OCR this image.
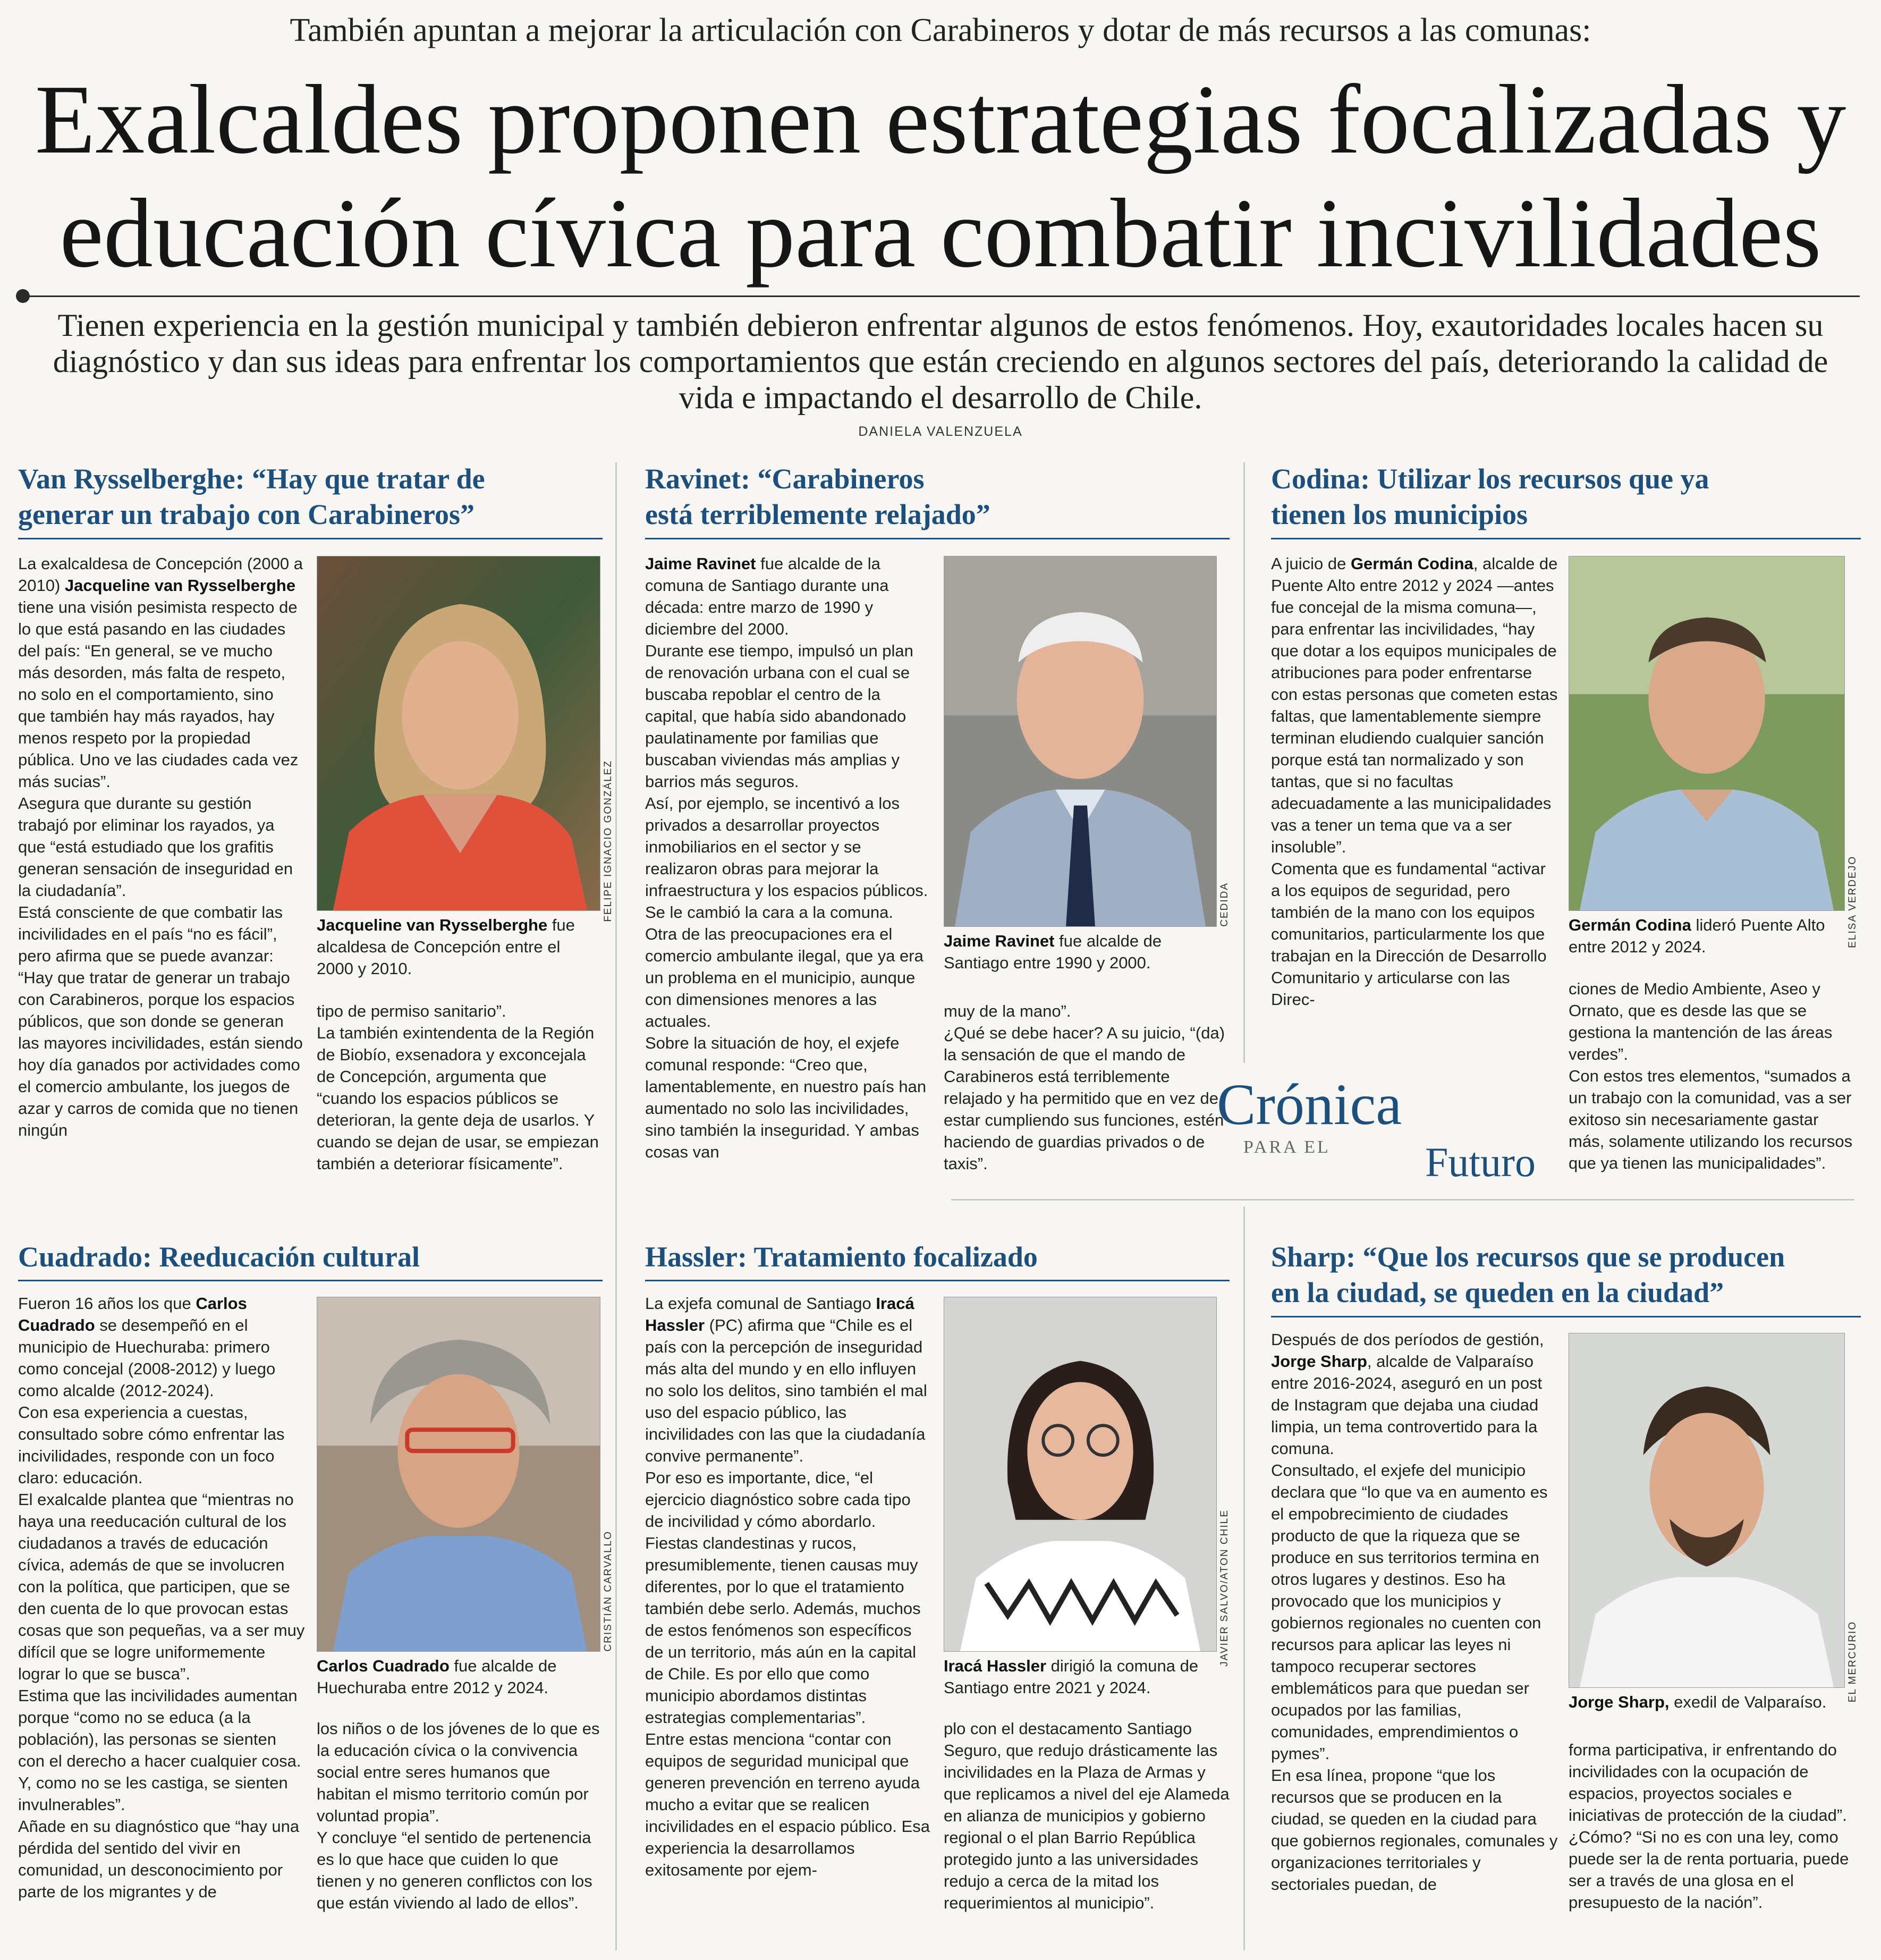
También apuntan a mejorar la articulación con Carabineros y dotar de más recursos a las comunas:
Exalcaldes proponen estrategias focalizadas y
educación cívica para combatir incivilidades
Tienen experiencia en la gestión municipal y también debieron enfrentar algunos de estos fenómenos. Hoy, exautoridades locales hacen su diagnóstico y dan sus ideas para enfrentar los comportamientos que están creciendo en algunos sectores del país, deteriorando la calidad de vida e impactando el desarrollo de Chile.
DANIELA VALENZUELA
Van Rysselberghe: “Hay que tratar de
generar un trabajo con Carabineros”

La exalcaldesa de Concepción (2000 a 2010) Jacqueline van Rysselberghe tiene una visión pesimista respecto de lo que está pasando en las ciudades del país: “En general, se ve mucho más desorden, más falta de respeto, no solo en el comportamiento, sino que también hay más rayados, hay menos respeto por la propiedad pública. Uno ve las ciudades cada vez más sucias”.

Asegura que durante su gestión trabajó por eliminar los rayados, ya que “está estudiado que los grafitis generan sensación de inseguridad en la ciudadanía”.

Está consciente de que combatir las incivilidades en el país “no es fácil”, pero afirma que se puede avanzar: “Hay que tratar de generar un trabajo con Carabineros, porque los espacios públicos, que son donde se generan las mayores incivilidades, están siendo hoy día ganados por actividades como el comercio ambulante, los juegos de azar y carros de comida que no tienen ningún

FELIPE IGNACIO GONZÁLEZ
Jacqueline van Rysselberghe fue alcaldesa de Concepción entre el 2000 y 2010.

tipo de permiso sanitario”.

La también exintendenta de la Región de Biobío, exsenadora y exconcejala de Concepción, argumenta que “cuando los espacios públicos se deterioran, la gente deja de usarlos. Y cuando se dejan de usar, se empiezan también a deteriorar físicamente”.

Ravinet: “Carabineros
está terriblemente relajado”

Jaime Ravinet fue alcalde de la comuna de Santiago durante una década: entre marzo de 1990 y diciembre del 2000.

Durante ese tiempo, impulsó un plan de renovación urbana con el cual se buscaba repoblar el centro de la capital, que había sido abandonado paulatinamente por familias que buscaban viviendas más amplias y barrios más seguros.

Así, por ejemplo, se incentivó a los privados a desarrollar proyectos inmobiliarios en el sector y se realizaron obras para mejorar la infraestructura y los espacios públicos. Se le cambió la cara a la comuna.

Otra de las preocupaciones era el comercio ambulante ilegal, que ya era un problema en el municipio, aunque con dimensiones menores a las actuales.

Sobre la situación de hoy, el exjefe comunal responde: “Creo que, lamentablemente, en nuestro país han aumentado no solo las incivilidades, sino también la inseguridad. Y ambas cosas van

CEDIDA
Jaime Ravinet fue alcalde de Santiago entre 1990 y 2000.

muy de la mano”.

¿Qué se debe hacer? A su juicio, “(da) la sensación de que el mando de Carabineros está terriblemente relajado y ha permitido que en vez de estar cumpliendo sus funciones, estén haciendo de guardias privados o de taxis”.

Codina: Utilizar los recursos que ya
tienen los municipios

A juicio de Germán Codina, alcalde de Puente Alto entre 2012 y 2024 —antes fue concejal de la misma comuna—, para enfrentar las incivilidades, “hay que dotar a los equipos municipales de atribuciones para poder enfrentarse con estas personas que cometen estas faltas, que lamentablemente siempre terminan eludiendo cualquier sanción porque está tan normalizado y son tantas, que si no facultas adecuadamente a las municipalidades vas a tener un tema que va a ser insoluble”.

Comenta que es fundamental “activar a los equipos de seguridad, pero también de la mano con los equipos comunitarios, particularmente los que trabajan en la Dirección de Desarrollo Comunitario y articularse con las Direc-

ELISA VERDEJO
Germán Codina lideró Puente Alto entre 2012 y 2024.

ciones de Medio Ambiente, Aseo y Ornato, que es desde las que se gestiona la mantención de las áreas verdes”.

Con estos tres elementos, “sumados a un trabajo con la comunidad, vas a ser exitoso sin necesariamente gastar más, solamente utilizando los recursos que ya tienen las municipalidades”.

Crónica
PARA EL Futuro
Cuadrado: Reeducación cultural

Fueron 16 años los que Carlos Cuadrado se desempeñó en el municipio de Huechuraba: primero como concejal (2008-2012) y luego como alcalde (2012-2024).

Con esa experiencia a cuestas, consultado sobre cómo enfrentar las incivilidades, responde con un foco claro: educación.

El exalcalde plantea que “mientras no haya una reeducación cultural de los ciudadanos a través de educación cívica, además de que se involucren con la política, que participen, que se den cuenta de lo que provocan estas cosas que son pequeñas, va a ser muy difícil que se logre uniformemente lograr lo que se busca”.

Estima que las incivilidades aumentan porque “como no se educa (a la población), las personas se sienten con el derecho a hacer cualquier cosa. Y, como no se les castiga, se sienten invulnerables”.

Añade en su diagnóstico que “hay una pérdida del sentido del vivir en comunidad, un desconocimiento por parte de los migrantes y de

CRISTIÁN CARVALLO
Carlos Cuadrado fue alcalde de Huechuraba entre 2012 y 2024.

los niños o de los jóvenes de lo que es la educación cívica o la convivencia social entre seres humanos que habitan el mismo territorio común por voluntad propia”.

Y concluye “el sentido de pertenencia es lo que hace que cuiden lo que tienen y no generen conflictos con los que están viviendo al lado de ellos”.

Hassler: Tratamiento focalizado

La exjefa comunal de Santiago Iracá Hassler (PC) afirma que “Chile es el país con la percepción de inseguridad más alta del mundo y en ello influyen no solo los delitos, sino también el mal uso del espacio público, las incivilidades con las que la ciudadanía convive permanente”.

Por eso es importante, dice, “el ejercicio diagnóstico sobre cada tipo de incivilidad y cómo abordarlo. Fiestas clandestinas y rucos, presumiblemente, tienen causas muy diferentes, por lo que el tratamiento también debe serlo. Además, muchos de estos fenómenos son específicos de un territorio, más aún en la capital de Chile. Es por ello que como municipio abordamos distintas estrategias complementarias”.

Entre estas menciona “contar con equipos de seguridad municipal que generen prevención en terreno ayuda mucho a evitar que se realicen incivilidades en el espacio público. Esa experiencia la desarrollamos exitosamente por ejem-

JAVIER SALVO/ATON CHILE
Iracá Hassler dirigió la comuna de Santiago entre 2021 y 2024.

plo con el destacamento Santiago Seguro, que redujo drásticamente las incivilidades en la Plaza de Armas y que replicamos a nivel del eje Alameda en alianza de municipios y gobierno regional o el plan Barrio República protegido junto a las universidades redujo a cerca de la mitad los requerimientos al municipio”.

Sharp: “Que los recursos que se producen
en la ciudad, se queden en la ciudad”

Después de dos períodos de gestión, Jorge Sharp, alcalde de Valparaíso entre 2016-2024, aseguró en un post de Instagram que dejaba una ciudad limpia, un tema controvertido para la comuna.

Consultado, el exjefe del municipio declara que “lo que va en aumento es el empobrecimiento de ciudades producto de que la riqueza que se produce en sus territorios termina en otros lugares y destinos. Eso ha provocado que los municipios y gobiernos regionales no cuenten con recursos para aplicar las leyes ni tampoco recuperar sectores emblemáticos para que puedan ser ocupados por las familias, comunidades, emprendimientos o pymes”.

En esa línea, propone “que los recursos que se producen en la ciudad, se queden en la ciudad para que gobiernos regionales, comunales y organizaciones territoriales y sectoriales puedan, de

EL MERCURIO
Jorge Sharp, exedil de Valparaíso.

forma participativa, ir enfrentando do incivilidades con la ocupación de espacios, proyectos sociales e iniciativas de protección de la ciudad”. ¿Cómo? “Si no es con una ley, como puede ser la de renta portuaria, puede ser a través de una glosa en el presupuesto de la nación”.
